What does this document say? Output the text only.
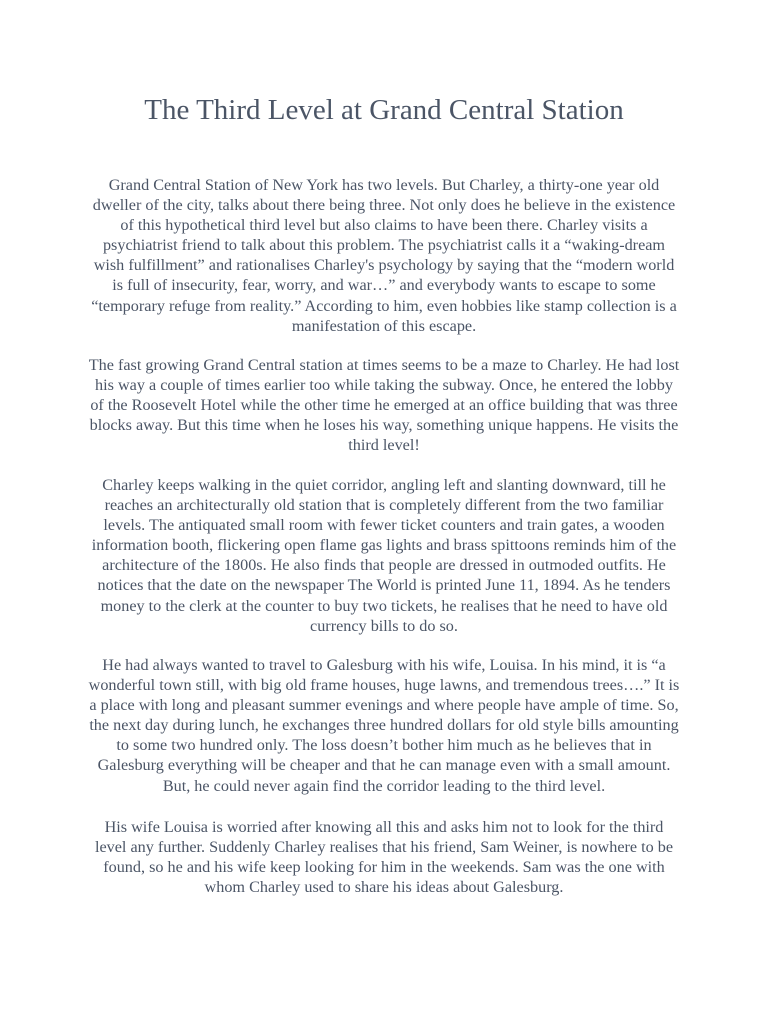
The Third Level at Grand Central Station

Grand Central Station of New York has two levels. But Charley, a thirty-one year old dweller of the city, talks about there being three. Not only does he believe in the existence of this hypothetical third level but also claims to have been there. Charley visits a psychiatrist friend to talk about this problem. The psychiatrist calls it a “waking-dream wish fulfillment” and rationalises Charley's psychology by saying that the “modern world is full of insecurity, fear, worry, and war…” and everybody wants to escape to some “temporary refuge from reality.” According to him, even hobbies like stamp collection is a manifestation of this escape.

The fast growing Grand Central station at times seems to be a maze to Charley. He had lost his way a couple of times earlier too while taking the subway. Once, he entered the lobby of the Roosevelt Hotel while the other time he emerged at an office building that was three blocks away. But this time when he loses his way, something unique happens. He visits the third level!

Charley keeps walking in the quiet corridor, angling left and slanting downward, till he reaches an architecturally old station that is completely different from the two familiar levels. The antiquated small room with fewer ticket counters and train gates, a wooden information booth, flickering open flame gas lights and brass spittoons reminds him of the architecture of the 1800s. He also finds that people are dressed in outmoded outfits. He notices that the date on the newspaper The World is printed June 11, 1894. As he tenders money to the clerk at the counter to buy two tickets, he realises that he need to have old currency bills to do so.

He had always wanted to travel to Galesburg with his wife, Louisa. In his mind, it is “a wonderful town still, with big old frame houses, huge lawns, and tremendous trees….” It is a place with long and pleasant summer evenings and where people have ample of time. So, the next day during lunch, he exchanges three hundred dollars for old style bills amounting to some two hundred only. The loss doesn’t bother him much as he believes that in Galesburg everything will be cheaper and that he can manage even with a small amount. But, he could never again find the corridor leading to the third level.

His wife Louisa is worried after knowing all this and asks him not to look for the third level any further. Suddenly Charley realises that his friend, Sam Weiner, is nowhere to be found, so he and his wife keep looking for him in the weekends. Sam was the one with whom Charley used to share his ideas about Galesburg.
